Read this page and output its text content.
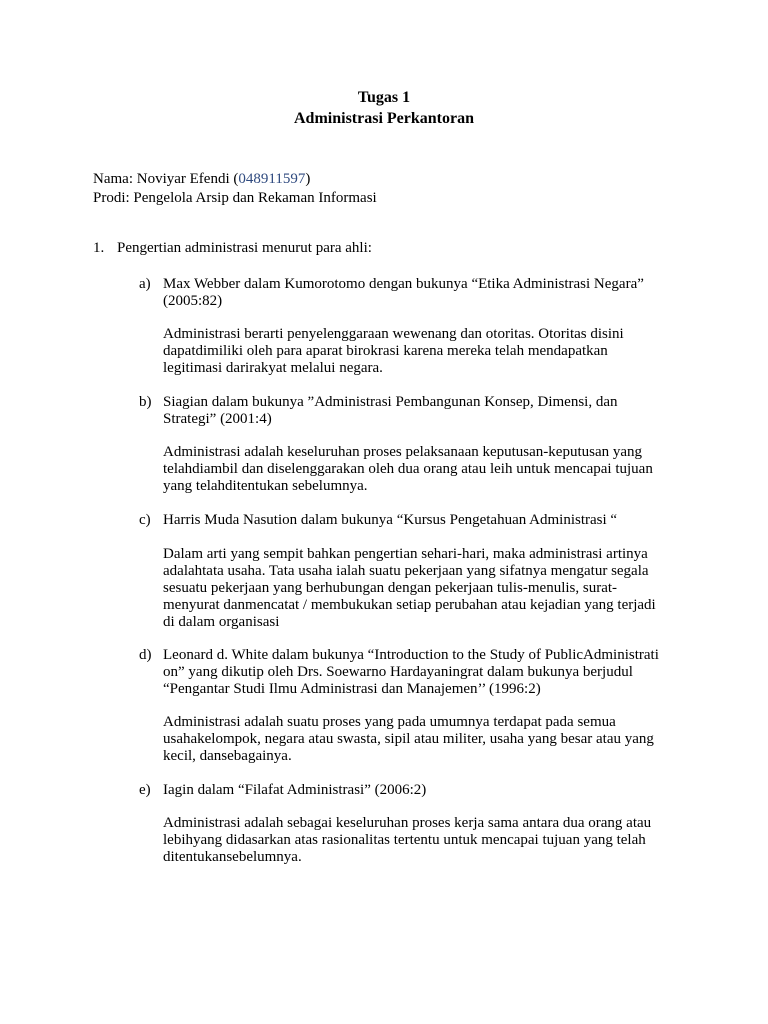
Tugas 1
Administrasi Perkantoran
Nama: Noviyar Efendi (048911597)
Prodi: Pengelola Arsip dan Rekaman Informasi
1. Pengertian administrasi menurut para ahli:
a) Max Webber dalam Kumorotomo dengan bukunya “Etika Administrasi Negara”
(2005:82)
Administrasi berarti penyelenggaraan wewenang dan otoritas. Otoritas disini
dapatdimiliki oleh para aparat birokrasi karena mereka telah mendapatkan
legitimasi darirakyat melalui negara.
b) Siagian dalam bukunya ”Administrasi Pembangunan Konsep, Dimensi, dan
Strategi” (2001:4)
Administrasi adalah keseluruhan proses pelaksanaan keputusan-keputusan yang
telahdiambil dan diselenggarakan oleh dua orang atau leih untuk mencapai tujuan
yang telahditentukan sebelumnya.
c) Harris Muda Nasution dalam bukunya “Kursus Pengetahuan Administrasi “
Dalam arti yang sempit bahkan pengertian sehari-hari, maka administrasi artinya
adalahtata usaha. Tata usaha ialah suatu pekerjaan yang sifatnya mengatur segala
sesuatu pekerjaan yang berhubungan dengan pekerjaan tulis-menulis, surat-
menyurat danmencatat / membukukan setiap perubahan atau kejadian yang terjadi
di dalam organisasi
d) Leonard d. White dalam bukunya “Introduction to the Study of PublicAdministrati
on” yang dikutip oleh Drs. Soewarno Hardayaningrat dalam bukunya berjudul
“Pengantar Studi Ilmu Administrasi dan Manajemen’’ (1996:2)
Administrasi adalah suatu proses yang pada umumnya terdapat pada semua
usahakelompok, negara atau swasta, sipil atau militer, usaha yang besar atau yang
kecil, dansebagainya.
e) Iagin dalam “Filafat Administrasi” (2006:2)
Administrasi adalah sebagai keseluruhan proses kerja sama antara dua orang atau
lebihyang didasarkan atas rasionalitas tertentu untuk mencapai tujuan yang telah
ditentukansebelumnya.
